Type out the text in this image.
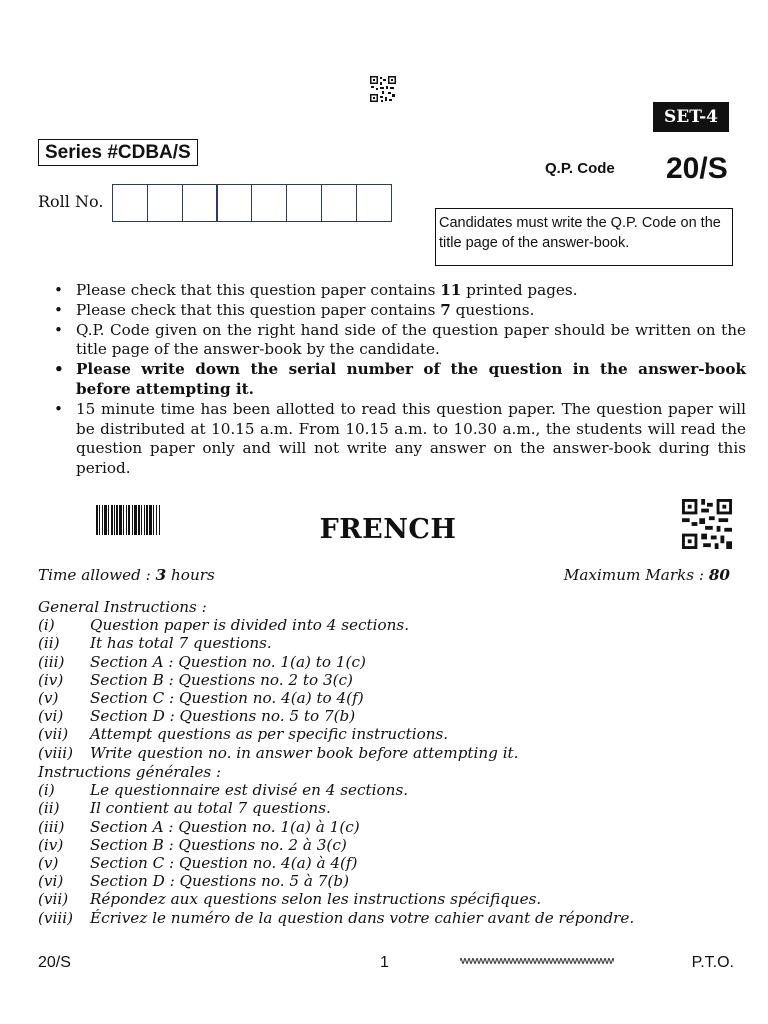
SET-4
Series #CDBA/S
Q.P. Code 20/S
Roll No.
Candidates must write the Q.P. Code on the title page of the answer-book.
• Please check that this question paper contains 11 printed pages.
• Please check that this question paper contains 7 questions.
• Q.P. Code given on the right hand side of the question paper should be written on the title page of the answer-book by the candidate.
• Please write down the serial number of the question in the answer-book before attempting it.
• 15 minute time has been allotted to read this question paper. The question paper will be distributed at 10.15 a.m. From 10.15 a.m. to 10.30 a.m., the students will read the question paper only and will not write any answer on the answer-book during this period.
FRENCH
Time allowed : 3 hours	Maximum Marks : 80
General Instructions :
(i)	Question paper is divided into 4 sections.
(ii)	It has total 7 questions.
(iii)	Section A : Question no. 1(a) to 1(c)
(iv)	Section B : Questions no. 2 to 3(c)
(v)	Section C : Question no. 4(a) to 4(f)
(vi)	Section D : Questions no. 5 to 7(b)
(vii)	Attempt questions as per specific instructions.
(viii)	Write question no. in answer book before attempting it.
Instructions générales :
(i)	Le questionnaire est divisé en 4 sections.
(ii)	Il contient au total 7 questions.
(iii)	Section A : Question no. 1(a) à 1(c)
(iv)	Section B : Questions no. 2 à 3(c)
(v)	Section C : Question no. 4(a) à 4(f)
(vi)	Section D : Questions no. 5 à 7(b)
(vii)	Répondez aux questions selon les instructions spécifiques.
(viii)	Écrivez le numéro de la question dans votre cahier avant de répondre.
20/S	1	P.T.O.
